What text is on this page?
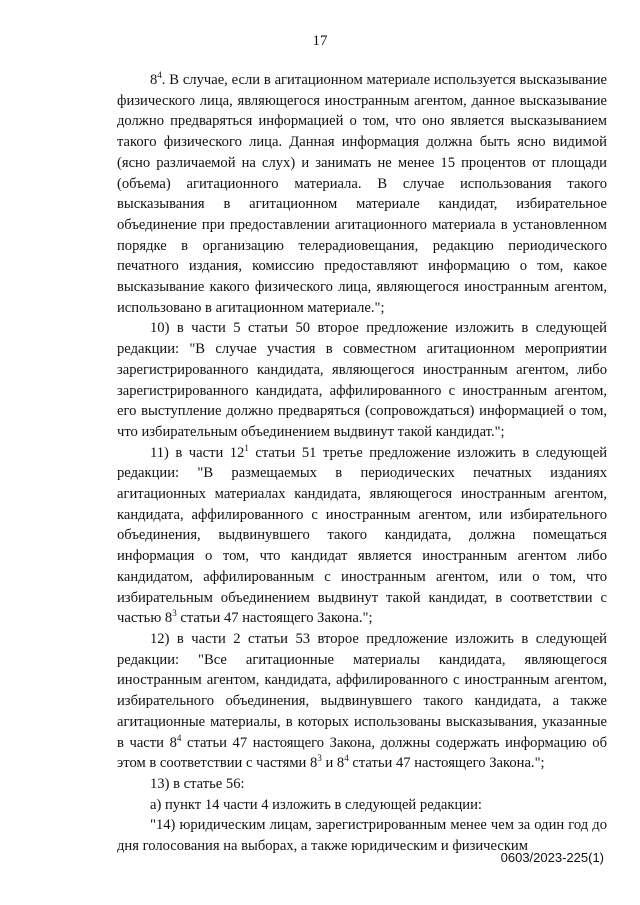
17

$8^4$. В случае, если в агитационном материале используется высказывание физического лица, являющегося иностранным агентом, данное высказывание должно предваряться информацией о том, что оно является высказыванием такого физического лица. Данная информация должна быть ясно видимой (ясно различаемой на слух) и занимать не менее 15 процентов от площади (объема) агитационного материала. В случае использования такого высказывания в агитационном материале кандидат, избирательное объединение при предоставлении агитационного материала в установленном порядке в организацию телерадиовещания, редакцию периодического печатного издания, комиссию предоставляют информацию о том, какое высказывание какого физического лица, являющегося иностранным агентом, использовано в агитационном материале.";

10) в части 5 статьи 50 второе предложение изложить в следующей редакции: "В случае участия в совместном агитационном мероприятии зарегистрированного кандидата, являющегося иностранным агентом, либо зарегистрированного кандидата, аффилированного с иностранным агентом, его выступление должно предваряться (сопровождаться) информацией о том, что избирательным объединением выдвинут такой кандидат.";

11) в части $12^1$ статьи 51 третье предложение изложить в следующей редакции: "В размещаемых в периодических печатных изданиях агитационных материалах кандидата, являющегося иностранным агентом, кандидата, аффилированного с иностранным агентом, или избирательного объединения, выдвинувшего такого кандидата, должна помещаться информация о том, что кандидат является иностранным агентом либо кандидатом, аффилированным с иностранным агентом, или о том, что избирательным объединением выдвинут такой кандидат, в соответствии с частью $8^3$ статьи 47 настоящего Закона.";

12) в части 2 статьи 53 второе предложение изложить в следующей редакции: "Все агитационные материалы кандидата, являющегося иностранным агентом, кандидата, аффилированного с иностранным агентом, избирательного объединения, выдвинувшего такого кандидата, а также агитационные материалы, в которых использованы высказывания, указанные в части $8^4$ статьи 47 настоящего Закона, должны содержать информацию об этом в соответствии с частями $8^3$ и $8^4$ статьи 47 настоящего Закона.";

13) в статье 56:

а) пункт 14 части 4 изложить в следующей редакции:

"14) юридическим лицам, зарегистрированным менее чем за один год до дня голосования на выборах, а также юридическим и физическим

0603/2023-225(1)
